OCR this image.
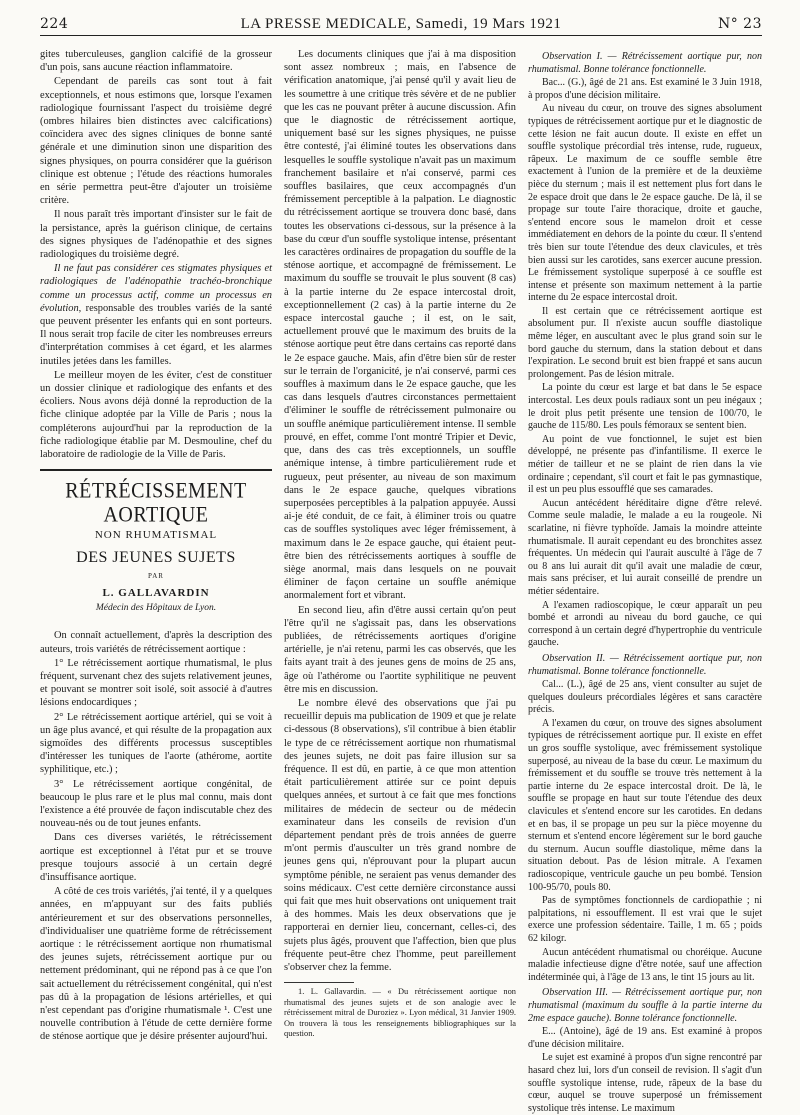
224	LA PRESSE MEDICALE, Samedi, 19 Mars 1921	N° 23

gites tuberculeuses, ganglion calcifié de la grosseur d'un pois, sans aucune réaction inflammatoire.

Cependant de pareils cas sont tout à fait exceptionnels, et nous estimons que, lorsque l'examen radiologique fournissant l'aspect du troisième degré (ombres hilaires bien distinctes avec calcifications) coïncidera avec des signes cliniques de bonne santé générale et une diminution sinon une disparition des signes physiques, on pourra considérer que la guérison clinique est obtenue ; l'étude des réactions humorales en série permettra peut-être d'ajouter un troisième critère.

Il nous paraît très important d'insister sur le fait de la persistance, après la guérison clinique, de certains des signes physiques de l'adénopathie et des signes radiologiques du troisième degré.

Il ne faut pas considérer ces stigmates physiques et radiologiques de l'adénopathie trachéo-bronchique comme un processus actif, comme un processus en évolution, responsable des troubles variés de la santé que peuvent présenter les enfants qui en sont porteurs. Il nous serait trop facile de citer les nombreuses erreurs d'interprétation commises à cet égard, et les alarmes inutiles jetées dans les familles.

Le meilleur moyen de les éviter, c'est de constituer un dossier clinique et radiologique des enfants et des écoliers. Nous avons déjà donné la reproduction de la fiche clinique adoptée par la Ville de Paris ; nous la compléterons aujourd'hui par la reproduction de la fiche radiologique établie par M. Desmouline, chef du laboratoire de radiologie de la Ville de Paris.

RÉTRÉCISSEMENT AORTIQUE
NON RHUMATISMAL
DES JEUNES SUJETS
PAR
L. GALLAVARDIN
Médecin des Hôpitaux de Lyon.

On connaît actuellement, d'après la description des auteurs, trois variétés de rétrécissement aortique :

1° Le rétrécissement aortique rhumatismal, le plus fréquent, survenant chez des sujets relativement jeunes, et pouvant se montrer soit isolé, soit associé à d'autres lésions endocardiques ;

2° Le rétrécissement aortique artériel, qui se voit à un âge plus avancé, et qui résulte de la propagation aux sigmoïdes des différents processus susceptibles d'intéresser les tuniques de l'aorte (athérome, aortite syphilitique, etc.) ;

3° Le rétrécissement aortique congénital, de beaucoup le plus rare et le plus mal connu, mais dont l'existence a été prouvée de façon indiscutable chez des nouveau-nés ou de tout jeunes enfants.

Dans ces diverses variétés, le rétrécissement aortique est exceptionnel à l'état pur et se trouve presque toujours associé à un certain degré d'insuffisance aortique.

A côté de ces trois variétés, j'ai tenté, il y a quelques années, en m'appuyant sur des faits publiés antérieurement et sur des observations personnelles, d'individualiser une quatrième forme de rétrécissement aortique : le rétrécissement aortique non rhumatismal des jeunes sujets, rétrécissement aortique pur ou nettement prédominant, qui ne répond pas à ce que l'on sait actuellement du rétrécissement congénital, qui n'est pas dû à la propagation de lésions artérielles, et qui n'est cependant pas d'origine rhumatismale ¹. C'est une nouvelle contribution à l'étude de cette dernière forme de sténose aortique que je désire présenter aujourd'hui.

Les documents cliniques que j'ai à ma disposition sont assez nombreux ; mais, en l'absence de vérification anatomique, j'ai pensé qu'il y avait lieu de les soumettre à une critique très sévère et de ne publier que les cas ne pouvant prêter à aucune discussion. Afin que le diagnostic de rétrécissement aortique, uniquement basé sur les signes physiques, ne puisse être contesté, j'ai éliminé toutes les observations dans lesquelles le souffle systolique n'avait pas un maximum franchement basilaire et n'ai conservé, parmi ces souffles basilaires, que ceux accompagnés d'un frémissement perceptible à la palpation. Le diagnostic du rétrécissement aortique se trouvera donc basé, dans toutes les observations ci-dessous, sur la présence à la base du cœur d'un souffle systolique intense, présentant les caractères ordinaires de propagation du souffle de la sténose aortique, et accompagné de frémissement. Le maximum du souffle se trouvait le plus souvent (8 cas) à la partie interne du 2e espace intercostal droit, exceptionnellement (2 cas) à la partie interne du 2e espace intercostal gauche ; il est, on le sait, actuellement prouvé que le maximum des bruits de la sténose aortique peut être dans certains cas reporté dans le 2e espace gauche. Mais, afin d'être bien sûr de rester sur le terrain de l'organicité, je n'ai conservé, parmi ces souffles à maximum dans le 2e espace gauche, que les cas dans lesquels d'autres circonstances permettaient d'éliminer le souffle de rétrécissement pulmonaire ou un souffle anémique particulièrement intense. Il semble prouvé, en effet, comme l'ont montré Tripier et Devic, que, dans des cas très exceptionnels, un souffle anémique intense, à timbre particulièrement rude et rugueux, peut présenter, au niveau de son maximum dans le 2e espace gauche, quelques vibrations superposées perceptibles à la palpation appuyée. Aussi ai-je été conduit, de ce fait, à éliminer trois ou quatre cas de souffles systoliques avec léger frémissement, à maximum dans le 2e espace gauche, qui étaient peut-être bien des rétrécissements aortiques à souffle de siège anormal, mais dans lesquels on ne pouvait éliminer de façon certaine un souffle anémique anormalement fort et vibrant.

En second lieu, afin d'être aussi certain qu'on peut l'être qu'il ne s'agissait pas, dans les observations publiées, de rétrécissements aortiques d'origine artérielle, je n'ai retenu, parmi les cas observés, que les faits ayant trait à des jeunes gens de moins de 25 ans, âge où l'athérome ou l'aortite syphilitique ne peuvent être mis en discussion.

Le nombre élevé des observations que j'ai pu recueillir depuis ma publication de 1909 et que je relate ci-dessous (8 observations), s'il contribue à bien établir le type de ce rétrécissement aortique non rhumatismal des jeunes sujets, ne doit pas faire illusion sur sa fréquence. Il est dû, en partie, à ce que mon attention était particulièrement attirée sur ce point depuis quelques années, et surtout à ce fait que mes fonctions militaires de médecin de secteur ou de médecin examinateur dans les conseils de revision d'un département pendant près de trois années de guerre m'ont permis d'ausculter un très grand nombre de jeunes gens qui, n'éprouvant pour la plupart aucun symptôme pénible, ne seraient pas venus demander des soins médicaux. C'est cette dernière circonstance aussi qui fait que mes huit observations ont uniquement trait à des hommes. Mais les deux observations que je rapporterai en dernier lieu, concernant, celles-ci, des sujets plus âgés, prouvent que l'affection, bien que plus fréquente peut-être chez l'homme, peut pareillement s'observer chez la femme.

1. L. Gallavardin. — « Du rétrécissement aortique non rhumatismal des jeunes sujets et de son analogie avec le rétrécissement mitral de Duroziez ». Lyon médical, 31 Janvier 1909. On trouvera là tous les renseignements bibliographiques sur la question.

Observation I. — Rétrécissement aortique pur, non rhumatismal. Bonne tolérance fonctionnelle.

Bac... (G.), âgé de 21 ans. Est examiné le 3 Juin 1918, à propos d'une décision militaire.

Au niveau du cœur, on trouve des signes absolument typiques de rétrécissement aortique pur et le diagnostic de cette lésion ne fait aucun doute. Il existe en effet un souffle systolique précordial très intense, rude, rugueux, râpeux. Le maximum de ce souffle semble être exactement à l'union de la première et de la deuxième pièce du sternum ; mais il est nettement plus fort dans le 2e espace droit que dans le 2e espace gauche. De là, il se propage sur toute l'aire thoracique, droite et gauche, s'entend encore sous le mamelon droit et cesse immédiatement en dehors de la pointe du cœur. Il s'entend très bien sur toute l'étendue des deux clavicules, et très bien aussi sur les carotides, sans exercer aucune pression. Le frémissement systolique superposé à ce souffle est intense et présente son maximum nettement à la partie interne du 2e espace intercostal droit.

Il est certain que ce rétrécissement aortique est absolument pur. Il n'existe aucun souffle diastolique même léger, en auscultant avec le plus grand soin sur le bord gauche du sternum, dans la station debout et dans l'expiration. Le second bruit est bien frappé et sans aucun prolongement. Pas de lésion mitrale.

La pointe du cœur est large et bat dans le 5e espace intercostal. Les deux pouls radiaux sont un peu inégaux ; le droit plus petit présente une tension de 100/70, le gauche de 115/80. Les pouls fémoraux se sentent bien.

Au point de vue fonctionnel, le sujet est bien développé, ne présente pas d'infantilisme. Il exerce le métier de tailleur et ne se plaint de rien dans la vie ordinaire ; cependant, s'il court et fait le pas gymnastique, il est un peu plus essoufflé que ses camarades.

Aucun antécédent héréditaire digne d'être relevé. Comme seule maladie, le malade a eu la rougeole. Ni scarlatine, ni fièvre typhoïde. Jamais la moindre atteinte rhumatismale. Il aurait cependant eu des bronchites assez fréquentes. Un médecin qui l'aurait ausculté à l'âge de 7 ou 8 ans lui aurait dit qu'il avait une maladie de cœur, mais sans préciser, et lui aurait conseillé de prendre un métier sédentaire.

A l'examen radioscopique, le cœur apparaît un peu bombé et arrondi au niveau du bord gauche, ce qui correspond à un certain degré d'hypertrophie du ventricule gauche.

Observation II. — Rétrécissement aortique pur, non rhumatismal. Bonne tolérance fonctionnelle.

Cal... (L.), âgé de 25 ans, vient consulter au sujet de quelques douleurs précordiales légères et sans caractère précis.

A l'examen du cœur, on trouve des signes absolument typiques de rétrécissement aortique pur. Il existe en effet un gros souffle systolique, avec frémissement systolique superposé, au niveau de la base du cœur. Le maximum du frémissement et du souffle se trouve très nettement à la partie interne du 2e espace intercostal droit. De là, le souffle se propage en haut sur toute l'étendue des deux clavicules et s'entend encore sur les carotides. En dedans et en bas, il se propage un peu sur la pièce moyenne du sternum et s'entend encore légèrement sur le bord gauche du sternum. Aucun souffle diastolique, même dans la situation debout. Pas de lésion mitrale. A l'examen radioscopique, ventricule gauche un peu bombé. Tension 100-95/70, pouls 80.

Pas de symptômes fonctionnels de cardiopathie ; ni palpitations, ni essoufflement. Il est vrai que le sujet exerce une profession sédentaire. Taille, 1 m. 65 ; poids 62 kilogr.

Aucun antécédent rhumatismal ou choréique. Aucune maladie infectieuse digne d'être notée, sauf une affection indéterminée qui, à l'âge de 13 ans, le tint 15 jours au lit.

Observation III. — Rétrécissement aortique pur, non rhumatismal (maximum du souffle à la partie interne du 2me espace gauche). Bonne tolérance fonctionnelle.

E... (Antoine), âgé de 19 ans. Est examiné à propos d'une décision militaire.

Le sujet est examiné à propos d'un signe rencontré par hasard chez lui, lors d'un conseil de revision. Il s'agit d'un souffle systolique intense, rude, râpeux de la base du cœur, auquel se trouve superposé un frémissement systolique très intense. Le maximum
